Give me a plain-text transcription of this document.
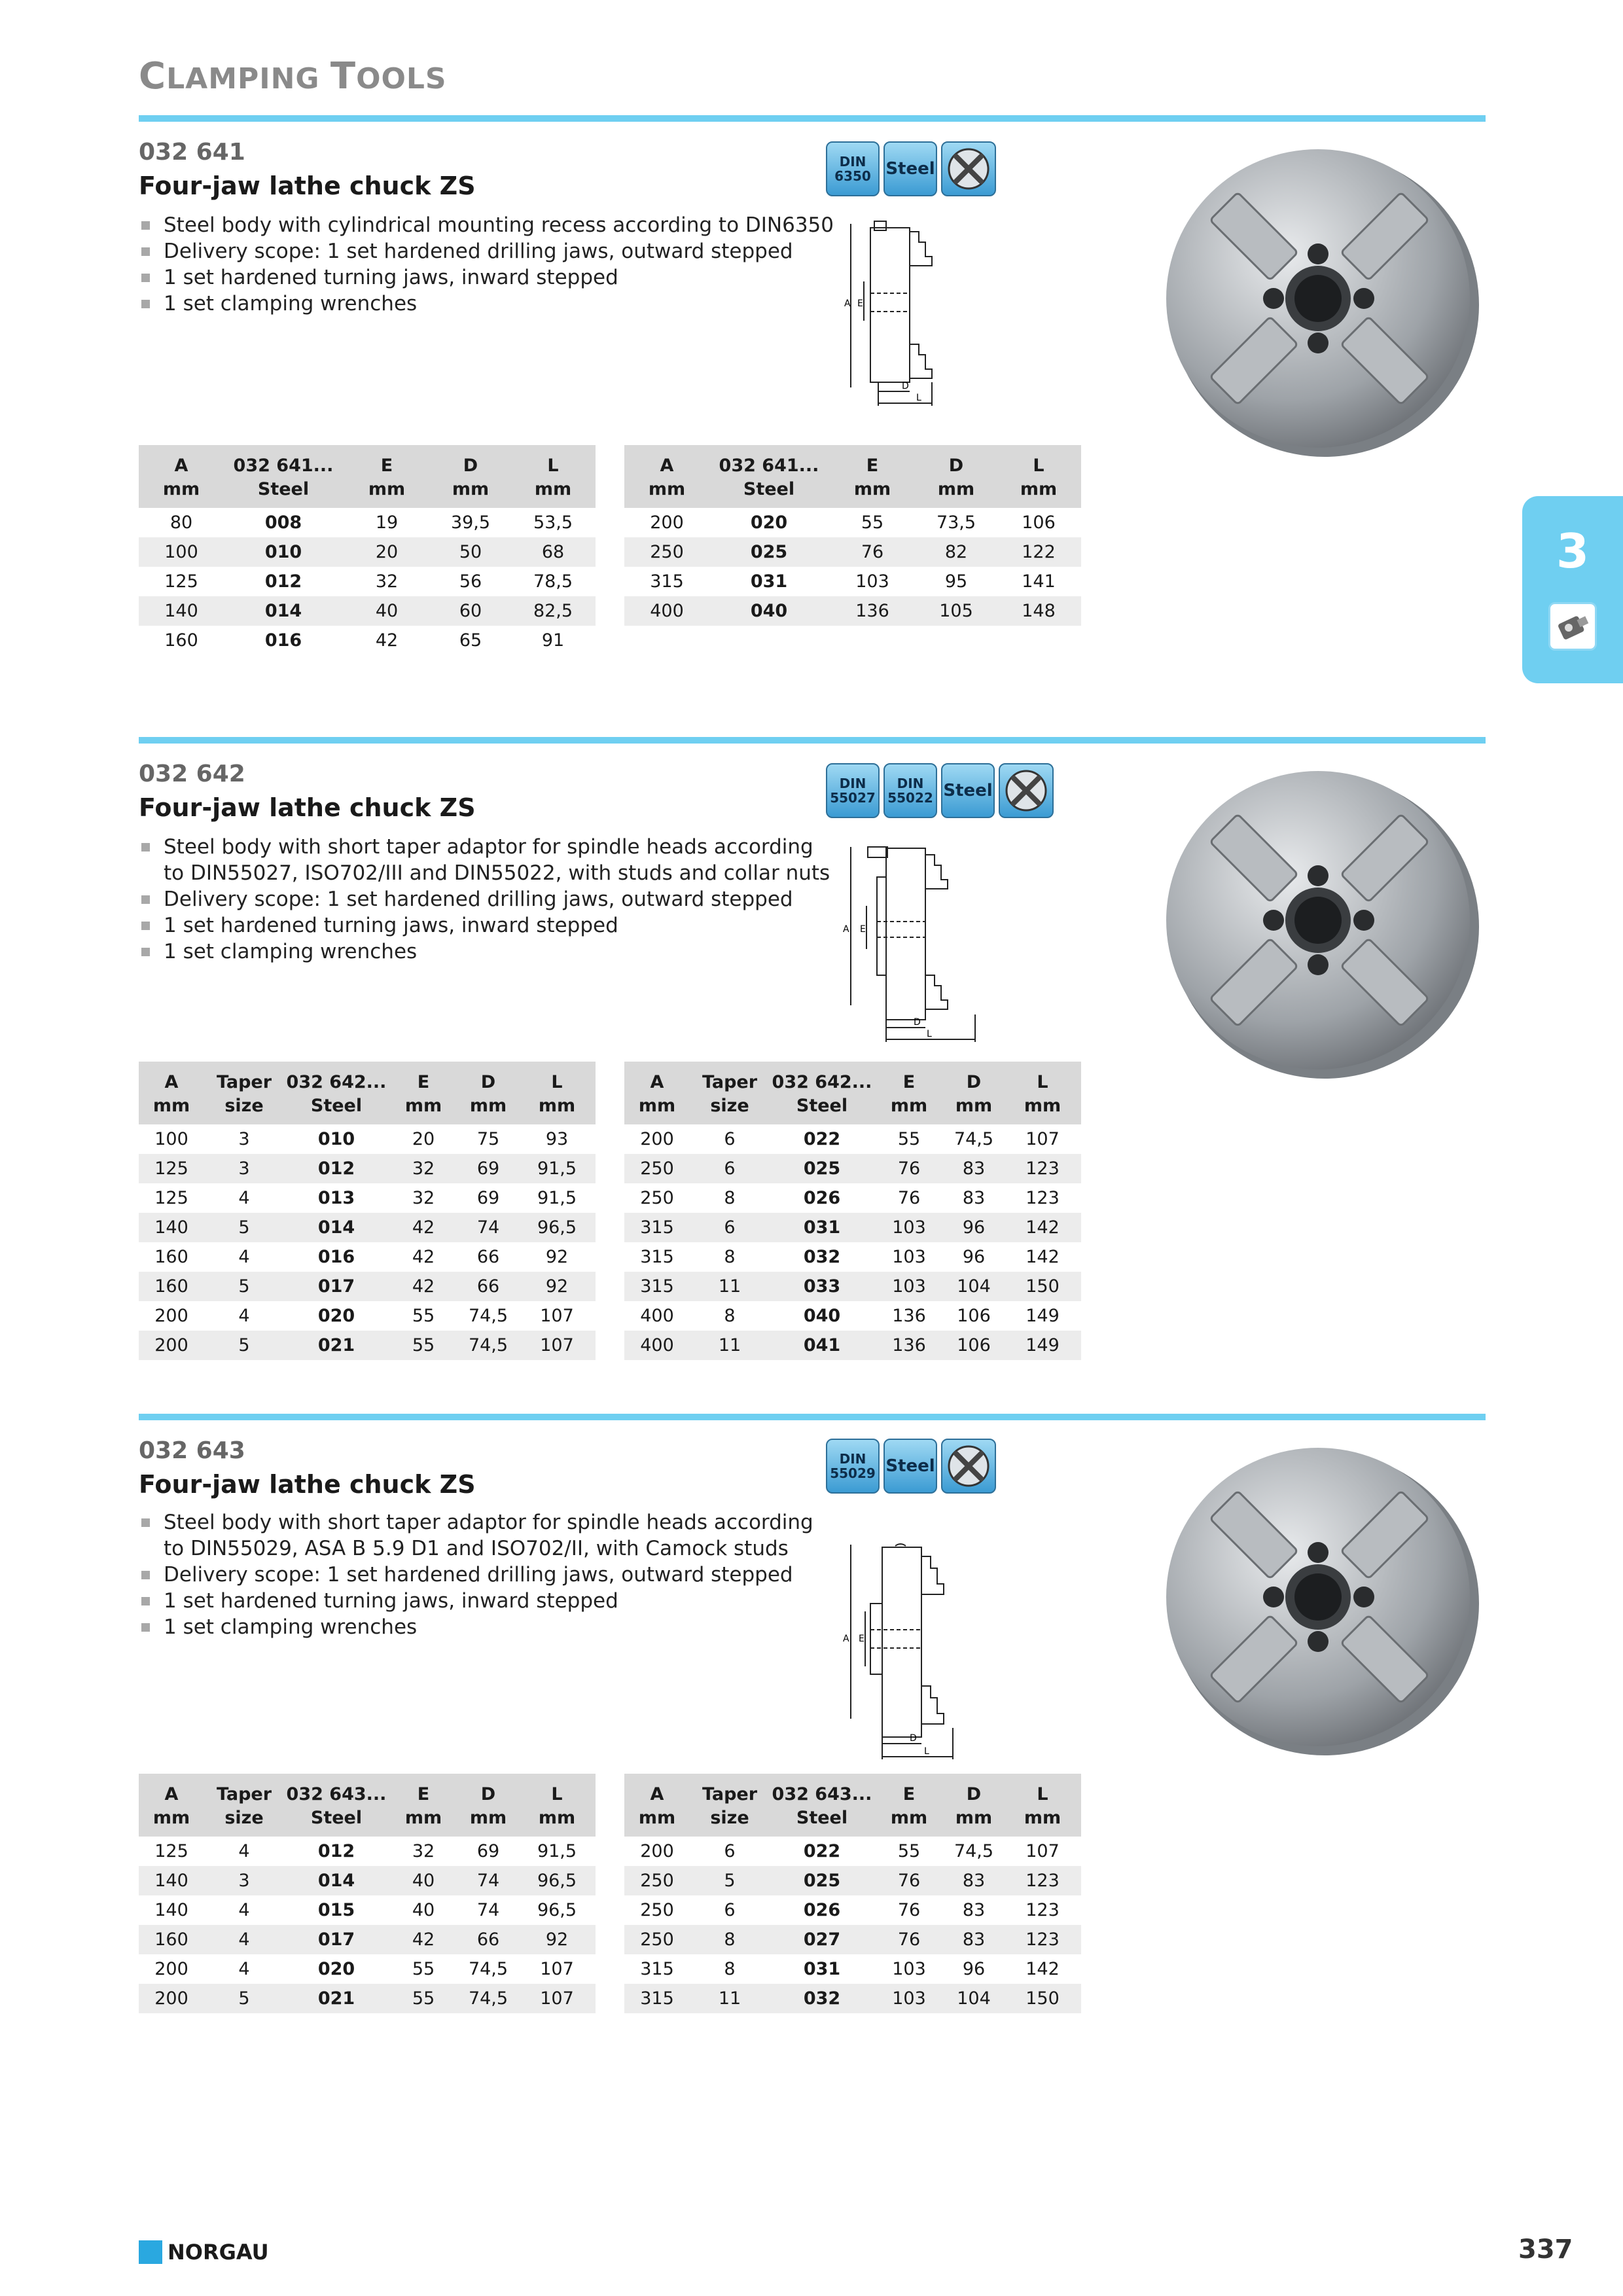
CLAMPING TOOLS
3
032 641
Four-jaw lathe chuck ZS
Steel body with cylindrical mounting recess according to DIN6350
Delivery scope: 1 set hardened drilling jaws, outward stepped
1 set hardened turning jaws, inward stepped
1 set clamping wrenches
DIN
6350 Steel
A E
D
L
A	032 641...	E	D	L
mm	Steel	mm	mm	mm
80	008	19	39,5	53,5
100	010	20	50	68
125	012	32	56	78,5
140	014	40	60	82,5
160	016	42	65	91
A	032 641...	E	D	L
mm	Steel	mm	mm	mm
200	020	55	73,5	106
250	025	76	82	122
315	031	103	95	141
400	040	136	105	148
032 642
Four-jaw lathe chuck ZS
Steel body with short taper adaptor for spindle heads according
to DIN55027, ISO702/III and DIN55022, with studs and collar nuts
Delivery scope: 1 set hardened drilling jaws, outward stepped
1 set hardened turning jaws, inward stepped
1 set clamping wrenches
DIN
55027
DIN
55022 Steel
A E
D
L
A	Taper	032 642...	E	D	L
mm	size	Steel	mm	mm	mm
100	3	010	20	75	93
125	3	012	32	69	91,5
125	4	013	32	69	91,5
140	5	014	42	74	96,5
160	4	016	42	66	92
160	5	017	42	66	92
200	4	020	55	74,5	107
200	5	021	55	74,5	107
A	Taper	032 642...	E	D	L
mm	size	Steel	mm	mm	mm
200	6	022	55	74,5	107
250	6	025	76	83	123
250	8	026	76	83	123
315	6	031	103	96	142
315	8	032	103	96	142
315	11	033	103	104	150
400	8	040	136	106	149
400	11	041	136	106	149
032 643
Four-jaw lathe chuck ZS
Steel body with short taper adaptor for spindle heads according
to DIN55029, ASA B 5.9 D1 and ISO702/II, with Camock studs
Delivery scope: 1 set hardened drilling jaws, outward stepped
1 set hardened turning jaws, inward stepped
1 set clamping wrenches
DIN
55029 Steel
A E
D
L
A	Taper	032 643...	E	D	L
mm	size	Steel	mm	mm	mm
125	4	012	32	69	91,5
140	3	014	40	74	96,5
140	4	015	40	74	96,5
160	4	017	42	66	92
200	4	020	55	74,5	107
200	5	021	55	74,5	107
A	Taper	032 643...	E	D	L
mm	size	Steel	mm	mm	mm
200	6	022	55	74,5	107
250	5	025	76	83	123
250	6	026	76	83	123
250	8	027	76	83	123
315	8	031	103	96	142
315	11	032	103	104	150
NORGAU	337
